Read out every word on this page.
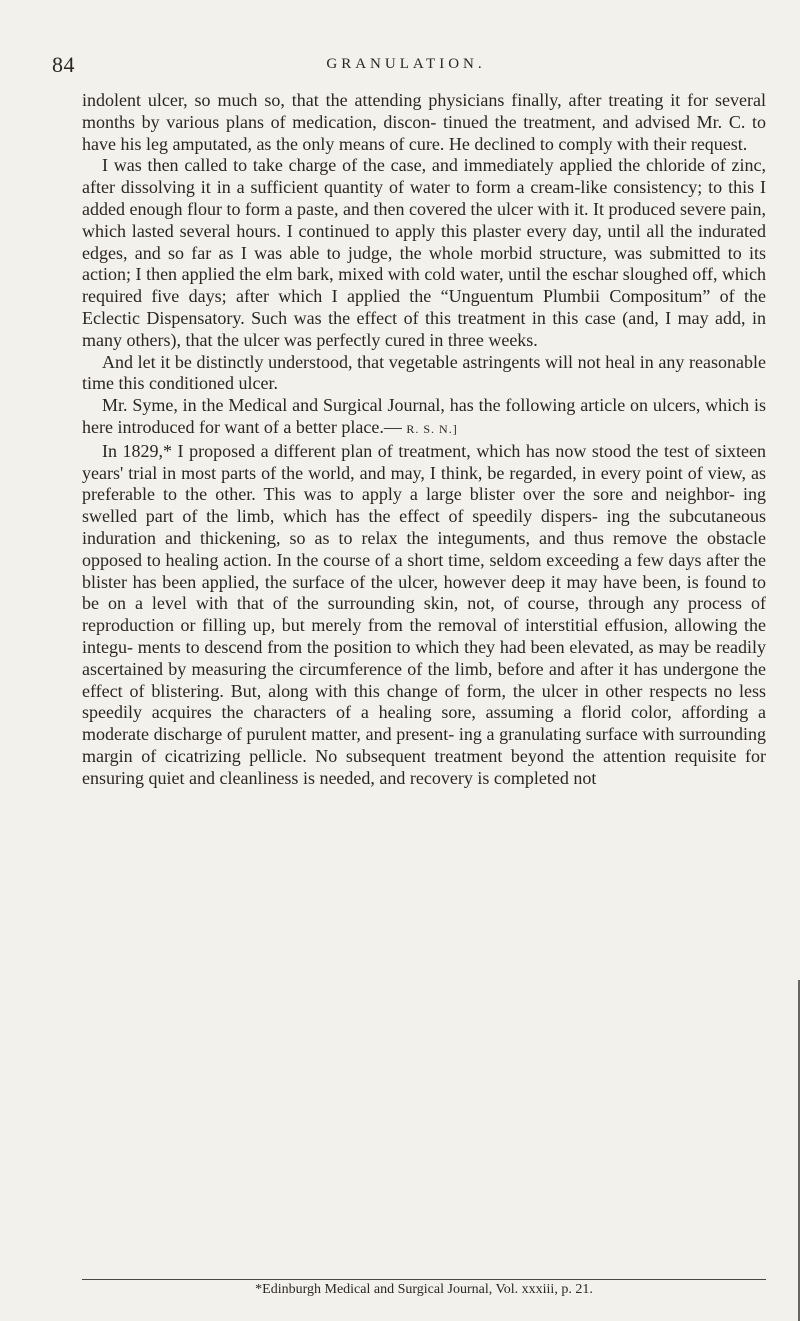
84	GRANULATION.

indolent ulcer, so much so, that the attending physicians finally, after treating it for several months by various plans of medication, discon- tinued the treatment, and advised Mr. C. to have his leg amputated, as the only means of cure. He declined to comply with their request.

I was then called to take charge of the case, and immediately applied the chloride of zinc, after dissolving it in a sufficient quantity of water to form a cream-like consistency; to this I added enough flour to form a paste, and then covered the ulcer with it. It produced severe pain, which lasted several hours. I continued to apply this plaster every day, until all the indurated edges, and so far as I was able to judge, the whole morbid structure, was submitted to its action; I then applied the elm bark, mixed with cold water, until the eschar sloughed off, which required five days; after which I applied the “Unguentum Plumbii Compositum” of the Eclectic Dispensatory. Such was the effect of this treatment in this case (and, I may add, in many others), that the ulcer was perfectly cured in three weeks.

And let it be distinctly understood, that vegetable astringents will not heal in any reasonable time this conditioned ulcer.

Mr. Syme, in the Medical and Surgical Journal, has the following article on ulcers, which is here introduced for want of a better place.— R. S. N.]

In 1829,* I proposed a different plan of treatment, which has now stood the test of sixteen years' trial in most parts of the world, and may, I think, be regarded, in every point of view, as preferable to the other. This was to apply a large blister over the sore and neighbor- ing swelled part of the limb, which has the effect of speedily dispers- ing the subcutaneous induration and thickening, so as to relax the integuments, and thus remove the obstacle opposed to healing action. In the course of a short time, seldom exceeding a few days after the blister has been applied, the surface of the ulcer, however deep it may have been, is found to be on a level with that of the surrounding skin, not, of course, through any process of reproduction or filling up, but merely from the removal of interstitial effusion, allowing the integu- ments to descend from the position to which they had been elevated, as may be readily ascertained by measuring the circumference of the limb, before and after it has undergone the effect of blistering. But, along with this change of form, the ulcer in other respects no less speedily acquires the characters of a healing sore, assuming a florid color, affording a moderate discharge of purulent matter, and present- ing a granulating surface with surrounding margin of cicatrizing pellicle. No subsequent treatment beyond the attention requisite for ensuring quiet and cleanliness is needed, and recovery is completed not

*Edinburgh Medical and Surgical Journal, Vol. xxxiii, p. 21.
